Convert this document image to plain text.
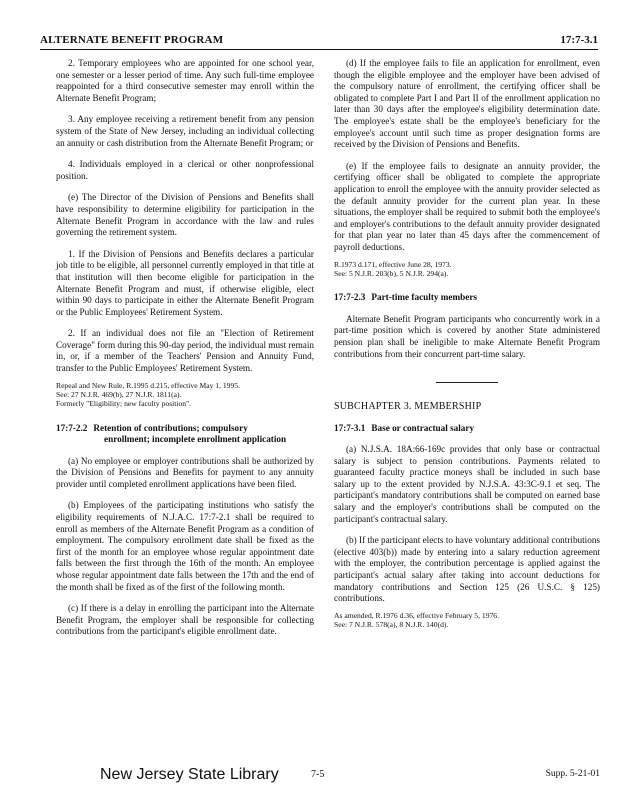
ALTERNATE BENEFIT PROGRAM	17:7-3.1

2. Temporary employees who are appointed for one school year, one semester or a lesser period of time. Any such full-time employee reappointed for a third consecutive semester may enroll within the Alternate Benefit Program;

3. Any employee receiving a retirement benefit from any pension system of the State of New Jersey, including an individual collecting an annuity or cash distribution from the Alternate Benefit Program; or

4. Individuals employed in a clerical or other nonprofessional position.

(e) The Director of the Division of Pensions and Benefits shall have responsibility to determine eligibility for participation in the Alternate Benefit Program in accordance with the law and rules governing the retirement system.

1. If the Division of Pensions and Benefits declares a particular job title to be eligible, all personnel currently employed in that title at that institution will then become eligible for participation in the Alternate Benefit Program and must, if otherwise eligible, elect within 90 days to participate in either the Alternate Benefit Program or the Public Employees' Retirement System.

2. If an individual does not file an "Election of Retirement Coverage" form during this 90-day period, the individual must remain in, or, if a member of the Teachers' Pension and Annuity Fund, transfer to the Public Employees' Retirement System.

Repeal and New Rule, R.1995 d.215, effective May 1, 1995.
See: 27 N.J.R. 469(b), 27 N.J.R. 1811(a).
Formerly "Eligibility; new faculty position".
17:7-2.2 Retention of contributions; compulsory
enrollment; incomplete enrollment application

(a) No employee or employer contributions shall be authorized by the Division of Pensions and Benefits for payment to any annuity provider until completed enrollment applications have been filed.

(b) Employees of the participating institutions who satisfy the eligibility requirements of N.J.A.C. 17:7-2.1 shall be required to enroll as members of the Alternate Benefit Program as a condition of employment. The compulsory enrollment date shall be fixed as the first of the month for an employee whose regular appointment date falls between the first through the 16th of the month. An employee whose regular appointment date falls between the 17th and the end of the month shall be fixed as of the first of the following month.

(c) If there is a delay in enrolling the participant into the Alternate Benefit Program, the employer shall be responsible for collecting contributions from the participant's eligible enrollment date.

(d) If the employee fails to file an application for enrollment, even though the eligible employee and the employer have been advised of the compulsory nature of enrollment, the certifying officer shall be obligated to complete Part I and Part II of the enrollment application no later than 30 days after the employee's eligibility determination date. The employee's estate shall be the employee's beneficiary for the employee's account until such time as proper designation forms are received by the Division of Pensions and Benefits.

(e) If the employee fails to designate an annuity provider, the certifying officer shall be obligated to complete the appropriate application to enroll the employee with the annuity provider selected as the default annuity provider for the current plan year. In these situations, the employer shall be required to submit both the employee's and employer's contributions to the default annuity provider designated for that plan year no later than 45 days after the commencement of payroll deductions.

R.1973 d.171, effective June 28, 1973.
See: 5 N.J.R. 203(b), 5 N.J.R. 294(a).
17:7-2.3 Part-time faculty members

Alternate Benefit Program participants who concurrently work in a part-time position which is covered by another State administered pension plan shall be ineligible to make Alternate Benefit Program contributions from their concurrent part-time salary.

SUBCHAPTER 3. MEMBERSHIP
17:7-3.1 Base or contractual salary

(a) N.J.S.A. 18A:66-169c provides that only base or contractual salary is subject to pension contributions. Payments related to guaranteed faculty practice moneys shall be included in such base salary up to the extent provided by N.J.S.A. 43:3C-9.1 et seq. The participant's mandatory contributions shall be computed on earned base salary and the employer's contributions shall be computed on the participant's contractual salary.

(b) If the participant elects to have voluntary additional contributions (elective 403(b)) made by entering into a salary reduction agreement with the employer, the contribution percentage is applied against the participant's actual salary after taking into account deductions for mandatory contributions and Section 125 (26 U.S.C. § 125) contributions.

As amended, R.1976 d.36, effective February 5, 1976.
See: 7 N.J.R. 578(a), 8 N.J.R. 140(d).
New Jersey State Library	7-5	Supp. 5-21-01
